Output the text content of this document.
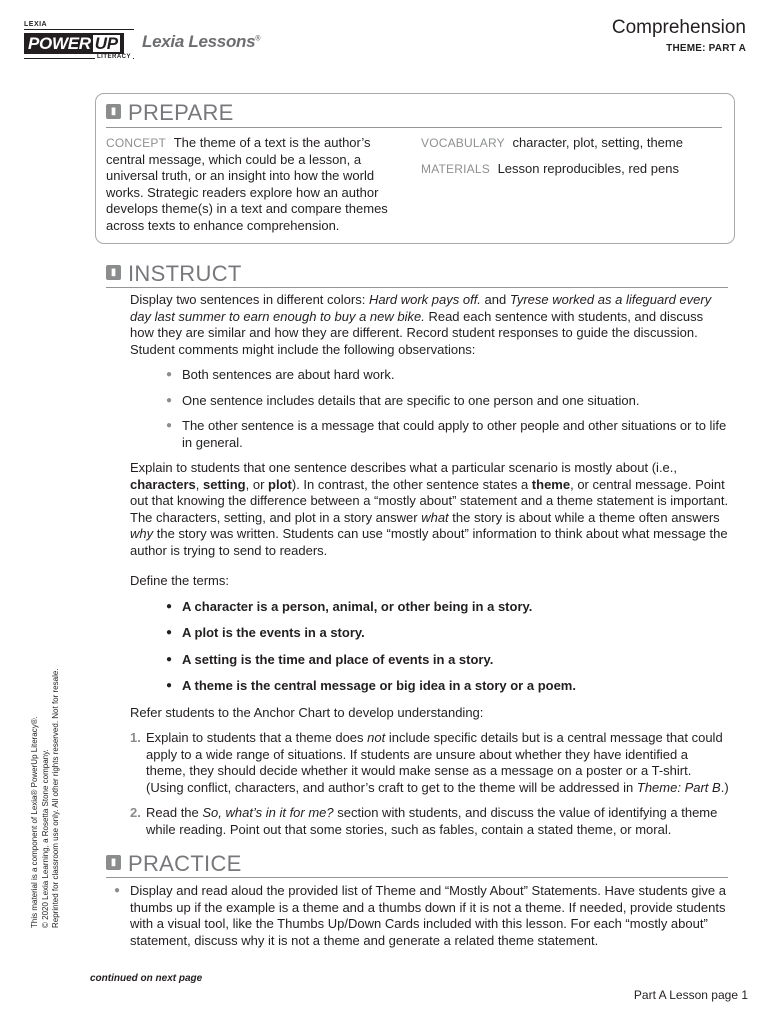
LEXIA
POWER UP
LITERACY
Lexia Lessons®
Comprehension
THEME: PART A
▮ PREPARE
CONCEPT The theme of a text is the author’s central message, which could be a lesson, a universal truth, or an insight into how the world works. Strategic readers explore how an author develops theme(s) in a text and compare themes across texts to enhance comprehension.
VOCABULARY character, plot, setting, theme
MATERIALS Lesson reproducibles, red pens
▮ INSTRUCT

Display two sentences in different colors: Hard work pays off. and Tyrese worked as a lifeguard every day last summer to earn enough to buy a new bike. Read each sentence with students, and discuss how they are similar and how they are different. Record student responses to guide the discussion. Student comments might include the following observations:

● Both sentences are about hard work.
● One sentence includes details that are specific to one person and one situation.
● The other sentence is a message that could apply to other people and other situations or to life in general.

Explain to students that one sentence describes what a particular scenario is mostly about (i.e., characters, setting, or plot). In contrast, the other sentence states a theme, or central message. Point out that knowing the difference between a “mostly about” statement and a theme statement is important. The characters, setting, and plot in a story answer what the story is about while a theme often answers why the story was written. Students can use “mostly about” information to think about what message the author is trying to send to readers.

Define the terms:

● A character is a person, animal, or other being in a story.
● A plot is the events in a story.
● A setting is the time and place of events in a story.
● A theme is the central message or big idea in a story or a poem.

Refer students to the Anchor Chart to develop understanding:

1. Explain to students that a theme does not include specific details but is a central message that could apply to a wide range of situations. If students are unsure about whether they have identified a theme, they should decide whether it would make sense as a message on a poster or a T-shirt. (Using conflict, characters, and author’s craft to get to the theme will be addressed in Theme: Part B.)
2. Read the So, what’s in it for me? section with students, and discuss the value of identifying a theme while reading. Point out that some stories, such as fables, contain a stated theme, or moral.
▮ PRACTICE
● Display and read aloud the provided list of Theme and “Mostly About” Statements. Have students give a thumbs up if the example is a theme and a thumbs down if it is not a theme. If needed, provide students with a visual tool, like the Thumbs Up/Down Cards included with this lesson. For each “mostly about” statement, discuss why it is not a theme and generate a related theme statement.
This material is a component of Lexia® PowerUp Literacy®. © 2020 Lexia Learning, a Rosetta Stone company. Reprinted for classroom use only. All other rights reserved. Not for resale.
continued on next page
Part A Lesson page 1
